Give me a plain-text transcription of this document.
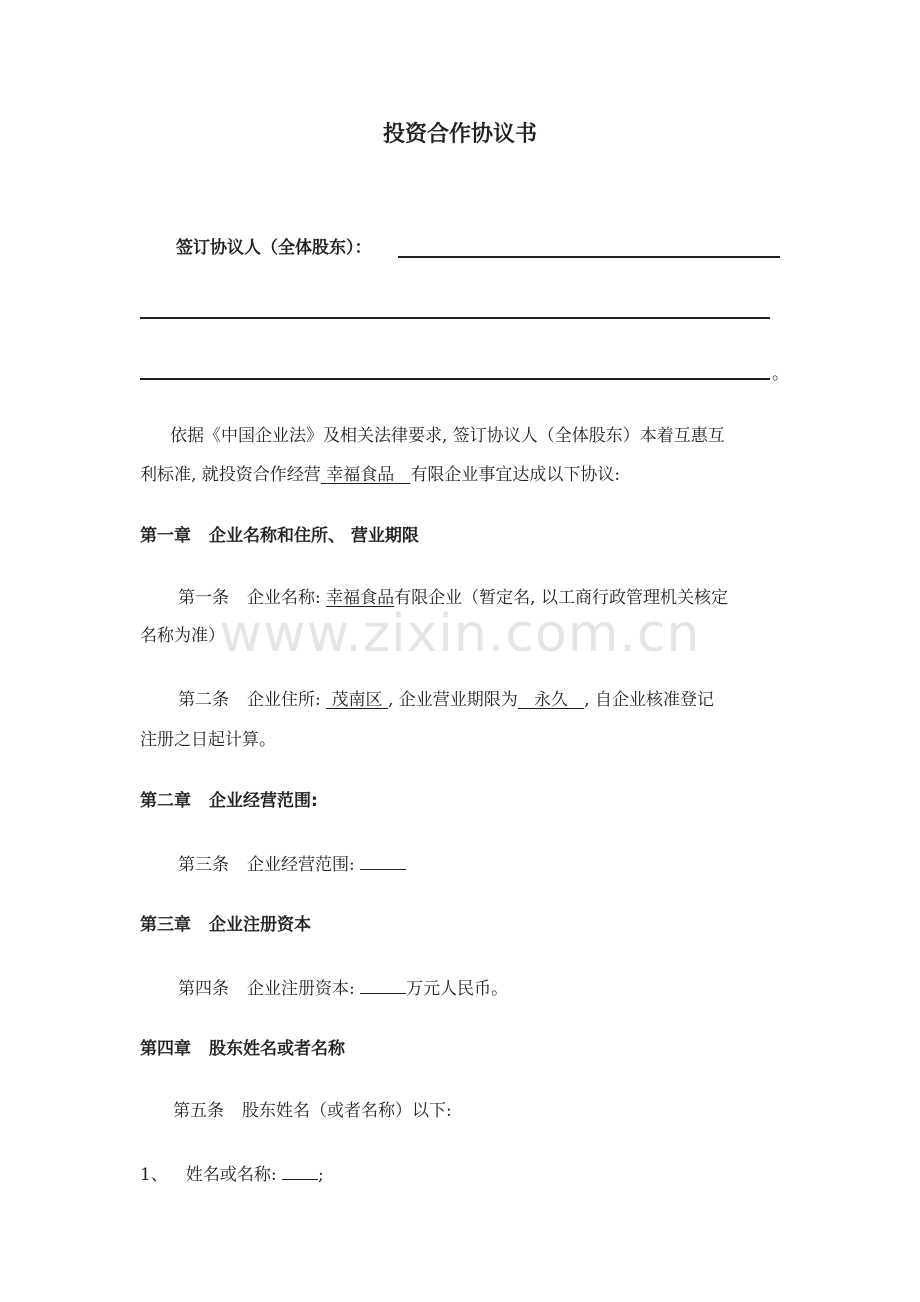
投资合作协议书
签订协议人（全体股东）：
。
依据《中国企业法》及相关法律要求, 签订协议人（全体股东）本着互惠互
利标准, 就投资合作经营 幸福食品 有限企业事宜达成以下协议:
第一章 企业名称和住所、 营业期限
第一条 企业名称: 幸福食品有限企业（暂定名, 以工商行政管理机关核定
名称为准）
第二条 企业住所: 茂南区 , 企业营业期限为 永久 , 自企业核准登记
注册之日起计算。
第二章 企业经营范围:
第三条 企业经营范围:
第三章 企业注册资本
第四条 企业注册资本:	万元人民币。
第四章 股东姓名或者名称
第五条 股东姓名（或者名称）以下:
1、 姓名或名称: ;
www.zixin.com.cn
